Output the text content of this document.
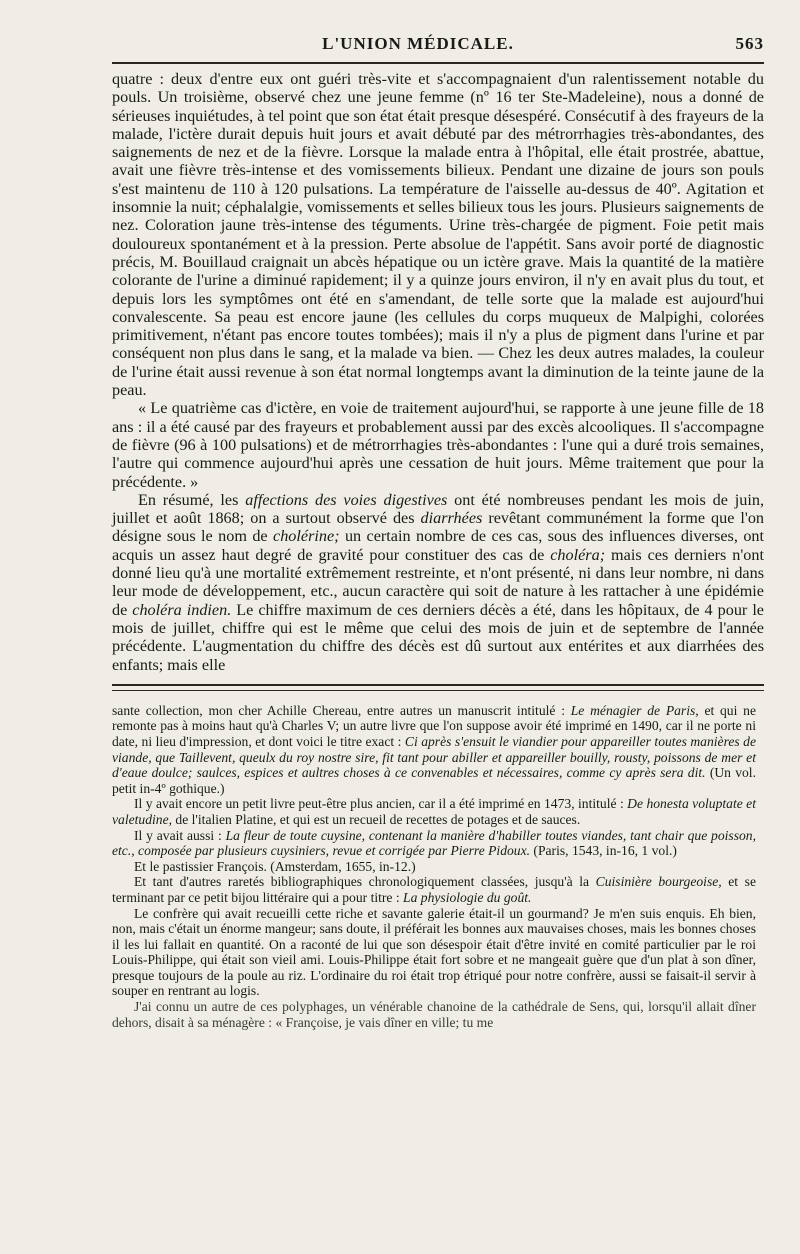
L'UNION MÉDICALE.	563

quatre : deux d'entre eux ont guéri très-vite et s'accompagnaient d'un ralentissement notable du pouls. Un troisième, observé chez une jeune femme (nº 16 ter Ste-Madeleine), nous a donné de sérieuses inquiétudes, à tel point que son état était presque désespéré. Consécutif à des frayeurs de la malade, l'ictère durait depuis huit jours et avait débuté par des métrorrhagies très-abondantes, des saignements de nez et de la fièvre. Lorsque la malade entra à l'hôpital, elle était prostrée, abattue, avait une fièvre très-intense et des vomissements bilieux. Pendant une dizaine de jours son pouls s'est maintenu de 110 à 120 pulsations. La température de l'aisselle au-dessus de 40º. Agitation et insomnie la nuit; céphalalgie, vomissements et selles bilieux tous les jours. Plusieurs saignements de nez. Coloration jaune très-intense des téguments. Urine très-chargée de pigment. Foie petit mais douloureux spontanément et à la pression. Perte absolue de l'appétit. Sans avoir porté de diagnostic précis, M. Bouillaud craignait un abcès hépatique ou un ictère grave. Mais la quantité de la matière colorante de l'urine a diminué rapidement; il y a quinze jours environ, il n'y en avait plus du tout, et depuis lors les symptômes ont été en s'amendant, de telle sorte que la malade est aujourd'hui convalescente. Sa peau est encore jaune (les cellules du corps muqueux de Malpighi, colorées primitivement, n'étant pas encore toutes tombées); mais il n'y a plus de pigment dans l'urine et par conséquent non plus dans le sang, et la malade va bien. — Chez les deux autres malades, la couleur de l'urine était aussi revenue à son état normal longtemps avant la diminution de la teinte jaune de la peau.

« Le quatrième cas d'ictère, en voie de traitement aujourd'hui, se rapporte à une jeune fille de 18 ans : il a été causé par des frayeurs et probablement aussi par des excès alcooliques. Il s'accompagne de fièvre (96 à 100 pulsations) et de métrorrhagies très-abondantes : l'une qui a duré trois semaines, l'autre qui commence aujourd'hui après une cessation de huit jours. Même traitement que pour la précédente. »

En résumé, les affections des voies digestives ont été nombreuses pendant les mois de juin, juillet et août 1868; on a surtout observé des diarrhées revêtant communément la forme que l'on désigne sous le nom de cholérine; un certain nombre de ces cas, sous des influences diverses, ont acquis un assez haut degré de gravité pour constituer des cas de choléra; mais ces derniers n'ont donné lieu qu'à une mortalité extrêmement restreinte, et n'ont présenté, ni dans leur nombre, ni dans leur mode de développement, etc., aucun caractère qui soit de nature à les rattacher à une épidémie de choléra indien. Le chiffre maximum de ces derniers décès a été, dans les hôpitaux, de 4 pour le mois de juillet, chiffre qui est le même que celui des mois de juin et de septembre de l'année précédente. L'augmentation du chiffre des décès est dû surtout aux entérites et aux diarrhées des enfants; mais elle

sante collection, mon cher Achille Chereau, entre autres un manuscrit intitulé : Le ménagier de Paris, et qui ne remonte pas à moins haut qu'à Charles V; un autre livre que l'on suppose avoir été imprimé en 1490, car il ne porte ni date, ni lieu d'impression, et dont voici le titre exact : Ci après s'ensuit le viandier pour appareiller toutes manières de viande, que Taillevent, queulx du roy nostre sire, fit tant pour abiller et appareiller bouilly, rousty, poissons de mer et d'eaue doulce; saulces, espices et aultres choses à ce convenables et nécessaires, comme cy après sera dit. (Un vol. petit in-4º gothique.)

Il y avait encore un petit livre peut-être plus ancien, car il a été imprimé en 1473, intitulé : De honesta voluptate et valetudine, de l'italien Platine, et qui est un recueil de recettes de potages et de sauces.

Il y avait aussi : La fleur de toute cuysine, contenant la manière d'habiller toutes viandes, tant chair que poisson, etc., composée par plusieurs cuysiniers, revue et corrigée par Pierre Pidoux. (Paris, 1543, in-16, 1 vol.)

Et le pastissier François. (Amsterdam, 1655, in-12.)

Et tant d'autres raretés bibliographiques chronologiquement classées, jusqu'à la Cuisinière bourgeoise, et se terminant par ce petit bijou littéraire qui a pour titre : La physiologie du goût.

Le confrère qui avait recueilli cette riche et savante galerie était-il un gourmand? Je m'en suis enquis. Eh bien, non, mais c'était un énorme mangeur; sans doute, il préférait les bonnes aux mauvaises choses, mais les bonnes choses il les lui fallait en quantité. On a raconté de lui que son désespoir était d'être invité en comité particulier par le roi Louis-Philippe, qui était son vieil ami. Louis-Philippe était fort sobre et ne mangeait guère que d'un plat à son dîner, presque toujours de la poule au riz. L'ordinaire du roi était trop étriqué pour notre confrère, aussi se faisait-il servir à souper en rentrant au logis.

J'ai connu un autre de ces polyphages, un vénérable chanoine de la cathédrale de Sens, qui, lorsqu'il allait dîner dehors, disait à sa ménagère : « Françoise, je vais dîner en ville; tu me
